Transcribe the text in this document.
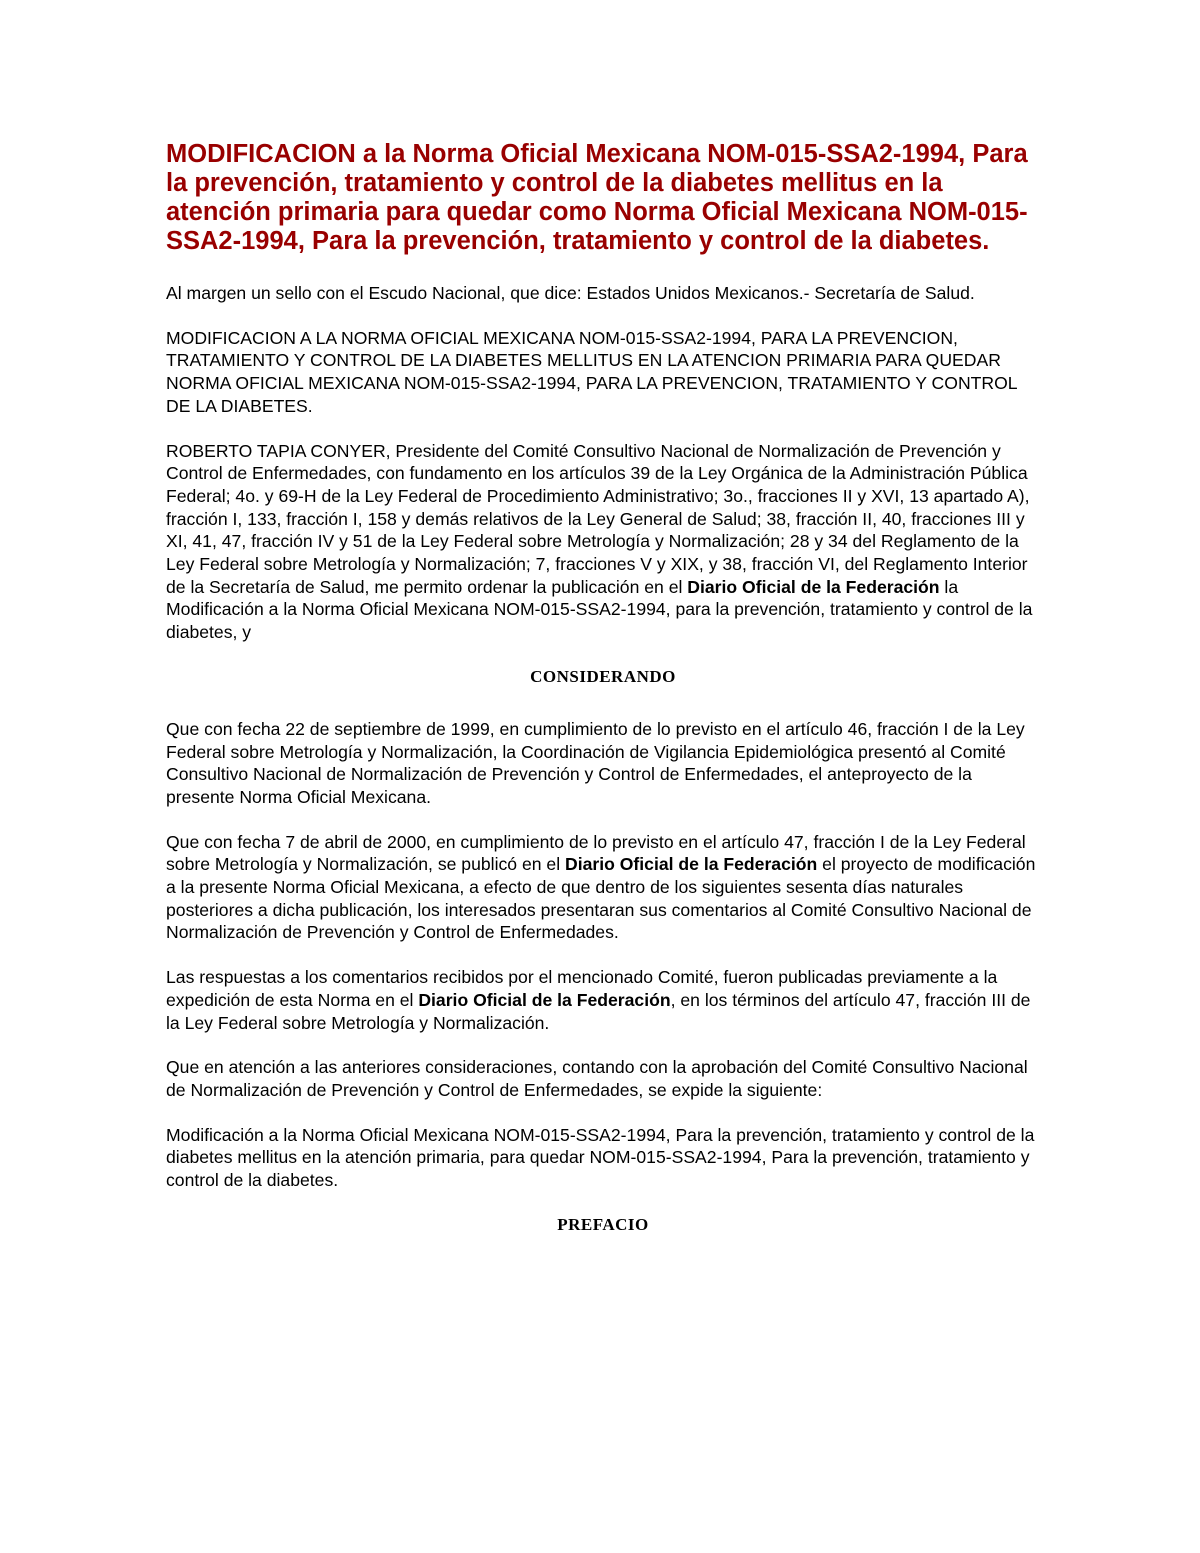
MODIFICACION a la Norma Oficial Mexicana NOM-015-SSA2-1994, Para la prevención, tratamiento y control de la diabetes mellitus en la atención primaria para quedar como Norma Oficial Mexicana NOM-015-SSA2-1994, Para la prevención, tratamiento y control de la diabetes.

Al margen un sello con el Escudo Nacional, que dice: Estados Unidos Mexicanos.- Secretaría de Salud.

MODIFICACION A LA NORMA OFICIAL MEXICANA NOM-015-SSA2-1994, PARA LA PREVENCION, TRATAMIENTO Y CONTROL DE LA DIABETES MELLITUS EN LA ATENCION PRIMARIA PARA QUEDAR NORMA OFICIAL MEXICANA NOM-015-SSA2-1994, PARA LA PREVENCION, TRATAMIENTO Y CONTROL DE LA DIABETES.

ROBERTO TAPIA CONYER, Presidente del Comité Consultivo Nacional de Normalización de Prevención y Control de Enfermedades, con fundamento en los artículos 39 de la Ley Orgánica de la Administración Pública Federal; 4o. y 69-H de la Ley Federal de Procedimiento Administrativo; 3o., fracciones II y XVI, 13 apartado A), fracción I, 133, fracción I, 158 y demás relativos de la Ley General de Salud; 38, fracción II, 40, fracciones III y XI, 41, 47, fracción IV y 51 de la Ley Federal sobre Metrología y Normalización; 28 y 34 del Reglamento de la Ley Federal sobre Metrología y Normalización; 7, fracciones V y XIX, y 38, fracción VI, del Reglamento Interior de la Secretaría de Salud, me permito ordenar la publicación en el Diario Oficial de la Federación la Modificación a la Norma Oficial Mexicana NOM-015-SSA2-1994, para la prevención, tratamiento y control de la diabetes, y

CONSIDERANDO

Que con fecha 22 de septiembre de 1999, en cumplimiento de lo previsto en el artículo 46, fracción I de la Ley Federal sobre Metrología y Normalización, la Coordinación de Vigilancia Epidemiológica presentó al Comité Consultivo Nacional de Normalización de Prevención y Control de Enfermedades, el anteproyecto de la presente Norma Oficial Mexicana.

Que con fecha 7 de abril de 2000, en cumplimiento de lo previsto en el artículo 47, fracción I de la Ley Federal sobre Metrología y Normalización, se publicó en el Diario Oficial de la Federación el proyecto de modificación a la presente Norma Oficial Mexicana, a efecto de que dentro de los siguientes sesenta días naturales posteriores a dicha publicación, los interesados presentaran sus comentarios al Comité Consultivo Nacional de Normalización de Prevención y Control de Enfermedades.

Las respuestas a los comentarios recibidos por el mencionado Comité, fueron publicadas previamente a la expedición de esta Norma en el Diario Oficial de la Federación, en los términos del artículo 47, fracción III de la Ley Federal sobre Metrología y Normalización.

Que en atención a las anteriores consideraciones, contando con la aprobación del Comité Consultivo Nacional de Normalización de Prevención y Control de Enfermedades, se expide la siguiente:

Modificación a la Norma Oficial Mexicana NOM-015-SSA2-1994, Para la prevención, tratamiento y control de la diabetes mellitus en la atención primaria, para quedar NOM-015-SSA2-1994, Para la prevención, tratamiento y control de la diabetes.

PREFACIO
